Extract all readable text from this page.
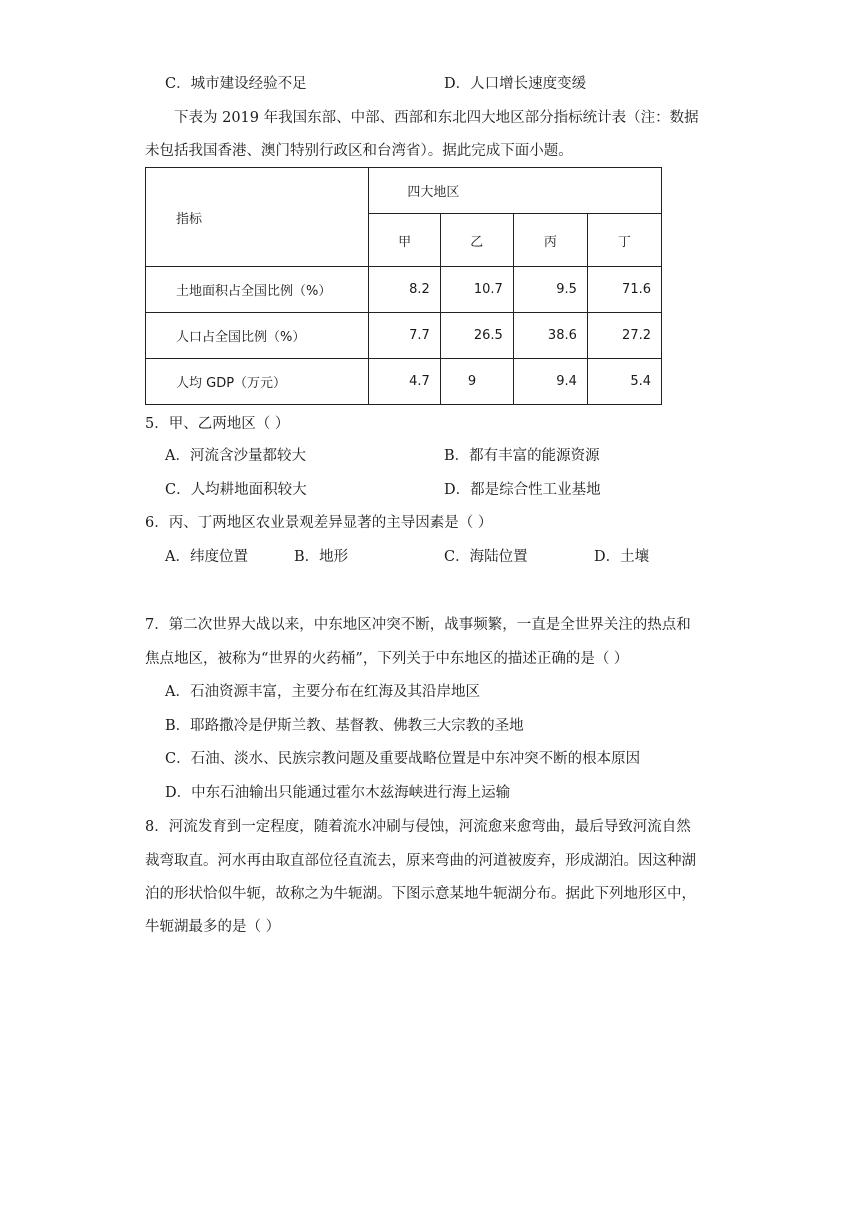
C．城市建设经验不足	D．人口增长速度变缓
下表为 2019 年我国东部、中部、西部和东北四大地区部分指标统计表（注：数据
未包括我国香港、澳门特别行政区和台湾省）。据此完成下面小题。
指标	四大地区			
	甲	乙	丙	丁
土地面积占全国比例（%）	8.2	10.7	9.5	71.6
人口占全国比例（%）	7.7	26.5	38.6	27.2
人均 GDP（万元）	4.7	9	9.4	5.4
5．甲、乙两地区（ ）
A．河流含沙量都较大	B．都有丰富的能源资源
C．人均耕地面积较大	D．都是综合性工业基地
6．丙、丁两地区农业景观差异显著的主导因素是（ ）
A．纬度位置	B．地形	C．海陆位置	D．土壤
7．第二次世界大战以来，中东地区冲突不断，战事频繁，一直是全世界关注的热点和
焦点地区，被称为“世界的火药桶”，下列关于中东地区的描述正确的是（ ）
A．石油资源丰富，主要分布在红海及其沿岸地区
B．耶路撒冷是伊斯兰教、基督教、佛教三大宗教的圣地
C．石油、淡水、民族宗教问题及重要战略位置是中东冲突不断的根本原因
D．中东石油输出只能通过霍尔木兹海峡进行海上运输
8．河流发育到一定程度，随着流水冲刷与侵蚀，河流愈来愈弯曲，最后导致河流自然
裁弯取直。河水再由取直部位径直流去，原来弯曲的河道被废弃，形成湖泊。因这种湖
泊的形状恰似牛轭，故称之为牛轭湖。下图示意某地牛轭湖分布。据此下列地形区中，
牛轭湖最多的是（ ）
